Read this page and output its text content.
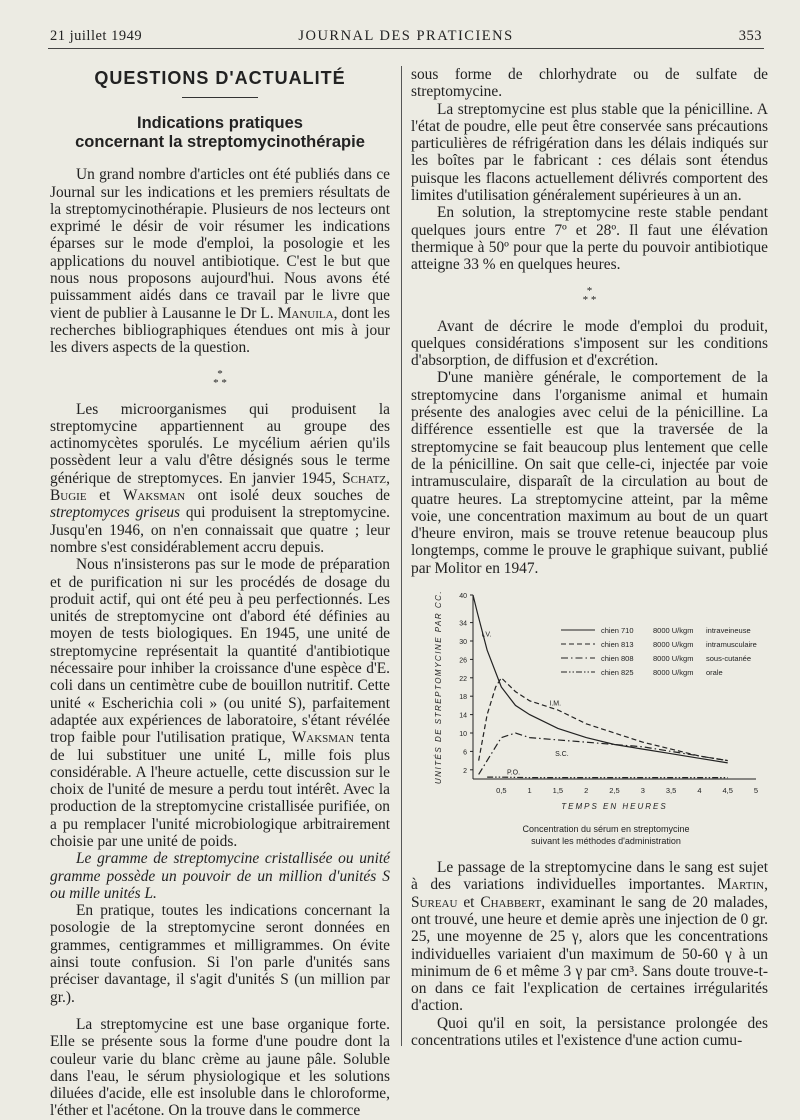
21 juillet 1949	JOURNAL DES PRATICIENS	353
QUESTIONS D'ACTUALITÉ
Indications pratiques
concernant la streptomycinothérapie

Un grand nombre d'articles ont été publiés dans ce Journal sur les indications et les premiers résultats de la streptomycinothérapie. Plusieurs de nos lecteurs ont exprimé le désir de voir résumer les indications éparses sur le mode d'emploi, la posologie et les applications du nouvel antibiotique. C'est le but que nous nous proposons aujourd'hui. Nous avons été puissamment aidés dans ce travail par le livre que vient de publier à Lausanne le Dr L. Manuila, dont les recherches bibliographiques étendues ont mis à jour les divers aspects de la question.

*
* *

Les microorganismes qui produisent la streptomycine appartiennent au groupe des actinomycètes sporulés. Le mycélium aérien qu'ils possèdent leur a valu d'être désignés sous le terme générique de streptomyces. En janvier 1945, Schatz, Bugie et Waksman ont isolé deux souches de streptomyces griseus qui produisent la streptomycine. Jusqu'en 1946, on n'en connaissait que quatre ; leur nombre s'est considérablement accru depuis.

Nous n'insisterons pas sur le mode de préparation et de purification ni sur les procédés de dosage du produit actif, qui ont été peu à peu perfectionnés. Les unités de streptomycine ont d'abord été définies au moyen de tests biologiques. En 1945, une unité de streptomycine représentait la quantité d'antibiotique nécessaire pour inhiber la croissance d'une espèce d'E. coli dans un centimètre cube de bouillon nutritif. Cette unité « Escherichia coli » (ou unité S), parfaitement adaptée aux expériences de laboratoire, s'étant révélée trop faible pour l'utilisation pratique, Waksman tenta de lui substituer une unité L, mille fois plus considérable. A l'heure actuelle, cette discussion sur le choix de l'unité de mesure a perdu tout intérêt. Avec la production de la streptomycine cristallisée purifiée, on a pu remplacer l'unité microbiologique arbitrairement choisie par une unité de poids.

Le gramme de streptomycine cristallisée ou unité gramme possède un pouvoir de un million d'unités S ou mille unités L.

En pratique, toutes les indications concernant la posologie de la streptomycine seront données en grammes, centigrammes et milligrammes. On évite ainsi toute confusion. Si l'on parle d'unités sans préciser davantage, il s'agit d'unités S (un million par gr.).

La streptomycine est une base organique forte. Elle se présente sous la forme d'une poudre dont la couleur varie du blanc crème au jaune pâle. Soluble dans l'eau, le sérum physiologique et les solutions diluées d'acide, elle est insoluble dans le chloroforme, l'éther et l'acétone. On la trouve dans le commerce

sous forme de chlorhydrate ou de sulfate de streptomycine.

La streptomycine est plus stable que la pénicilline. A l'état de poudre, elle peut être conservée sans précautions particulières de réfrigération dans les délais indiqués sur les boîtes par le fabricant : ces délais sont étendus puisque les flacons actuellement délivrés comportent des limites d'utilisation généralement supérieures à un an.

En solution, la streptomycine reste stable pendant quelques jours entre 7º et 28º. Il faut une élévation thermique à 50º pour que la perte du pouvoir antibiotique atteigne 33 % en quelques heures.

*
* *

Avant de décrire le mode d'emploi du produit, quelques considérations s'imposent sur les conditions d'absorption, de diffusion et d'excrétion.

D'une manière générale, le comportement de la streptomycine dans l'organisme animal et humain présente des analogies avec celui de la pénicilline. La différence essentielle est que la traversée de la streptomycine se fait beaucoup plus lentement que celle de la pénicilline. On sait que celle-ci, injectée par voie intramusculaire, disparaît de la circulation au bout de quatre heures. La streptomycine atteint, par la même voie, une concentration maximum au bout de un quart d'heure environ, mais se trouve retenue beaucoup plus longtemps, comme le prouve le graphique suivant, publié par Molitor en 1947.

2
6
10
14
18
22
26
30
34
40
0,5	1	1,5	2	2,5	3	3,5	4	4,5	5
TEMPS EN HEURES
UNITÉS DE STREPTOMYCINE PAR CC.	I.V.
I.M.
S.C.
P.O.
chien 710	8000 U/kgm intraveineuse
chien 813	8000 U/kgm intramusculaire
chien 808	8000 U/kgm sous-cutanée
chien 825	8000 U/kgm orale
Concentration du sérum en streptomycine
suivant les méthodes d'administration

Le passage de la streptomycine dans le sang est sujet à des variations individuelles importantes. Martin, Sureau et Chabbert, examinant le sang de 20 malades, ont trouvé, une heure et demie après une injection de 0 gr. 25, une moyenne de 25 γ, alors que les concentrations individuelles variaient d'un maximum de 50-60 γ à un minimum de 6 et même 3 γ par cm³. Sans doute trouve-t-on dans ce fait l'explication de certaines irrégularités d'action.

Quoi qu'il en soit, la persistance prolongée des concentrations utiles et l'existence d'une action cumu-
